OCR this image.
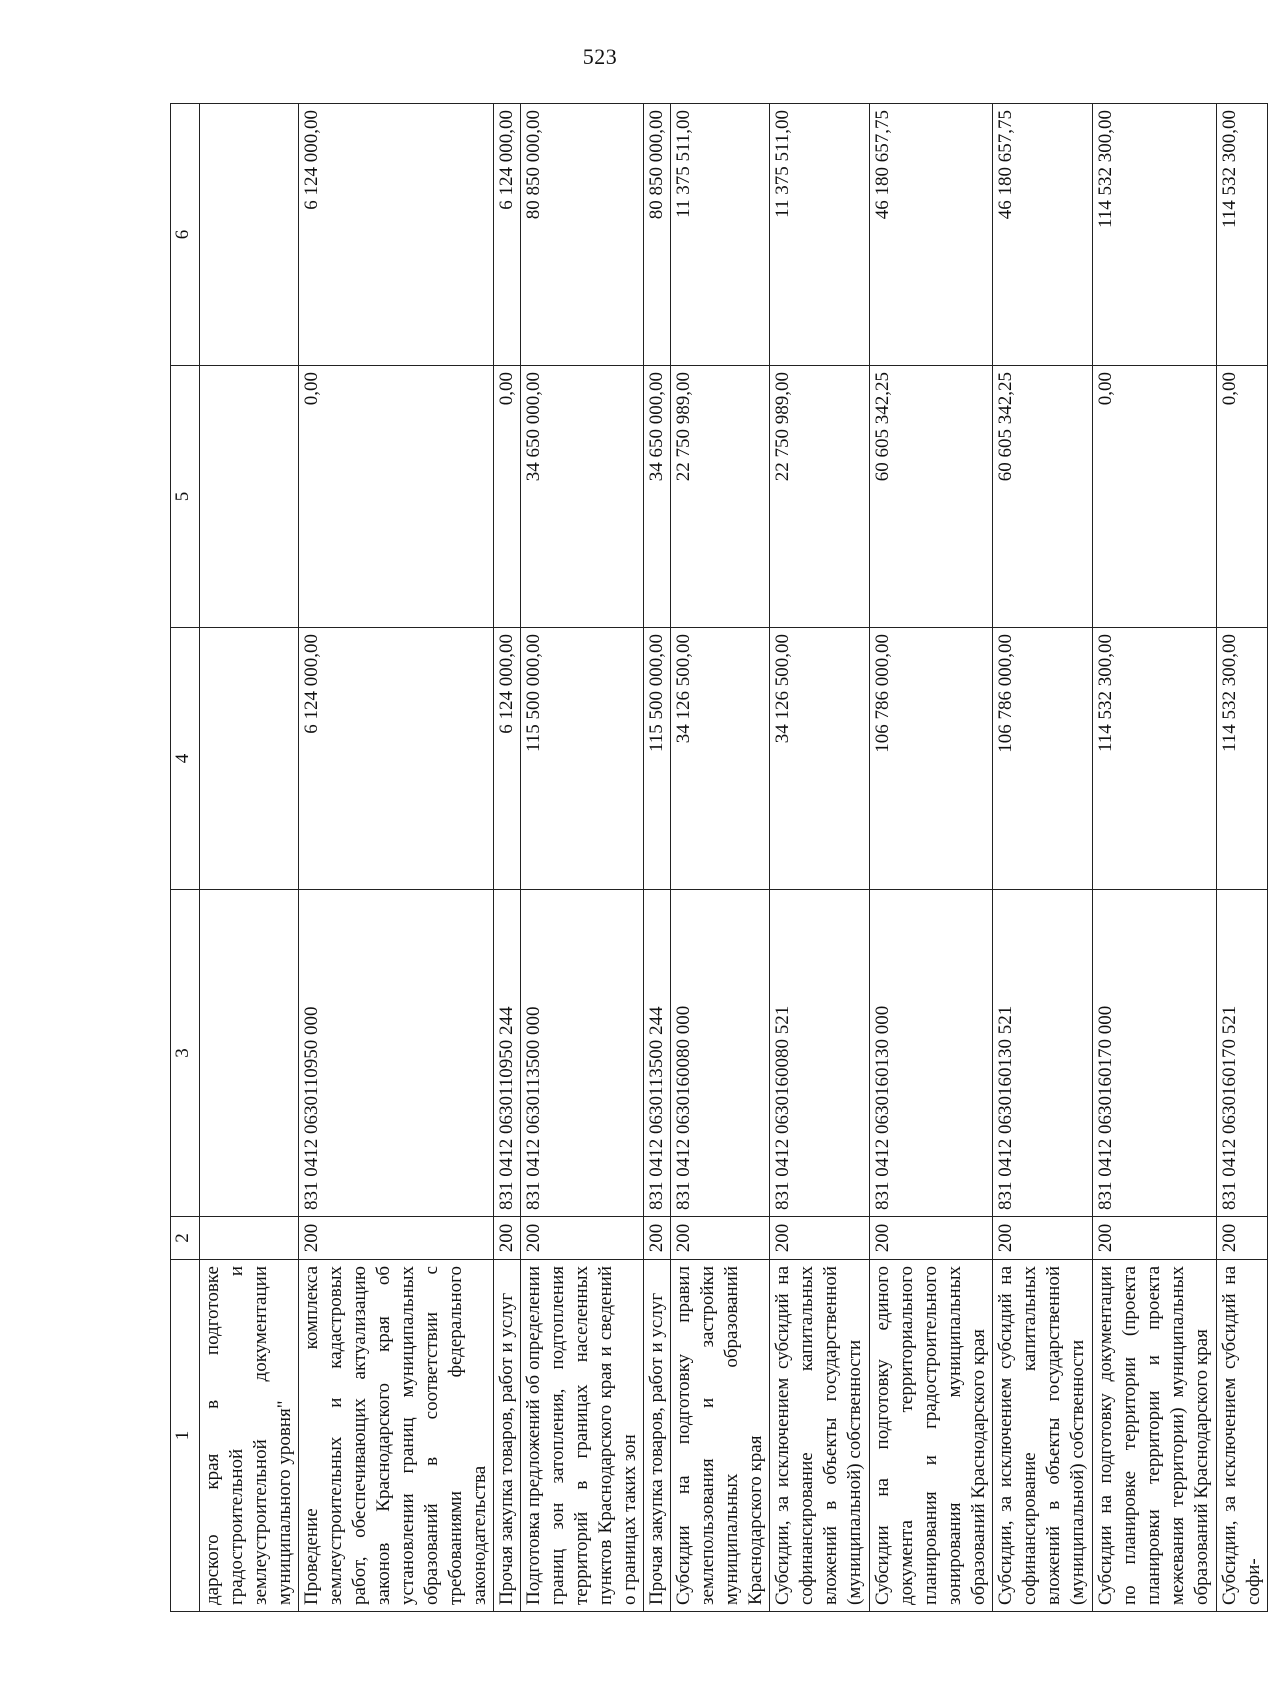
523
1	2	3	4	5	6
дарского края в подготовке градостроительной и землеустроительной документации муниципального уровня"					
Проведение комплекса землеустроительных и кадастровых работ, обеспечивающих актуализацию законов Краснодарского края об установлении границ муниципальных образований в соответствии с требованиями федерального законодательства	200	831 0412 0630110950 000	6 124 000,00	0,00	6 124 000,00
Прочая закупка товаров, работ и услуг	200	831 0412 0630110950 244	6 124 000,00	0,00	6 124 000,00
Подготовка предложений об определении границ зон затопления, подтопления территорий в границах населенных пунктов Краснодарского края и сведений о границах таких зон	200	831 0412 0630113500 000	115 500 000,00	34 650 000,00	80 850 000,00
Прочая закупка товаров, работ и услуг	200	831 0412 0630113500 244	115 500 000,00	34 650 000,00	80 850 000,00
Субсидии на подготовку правил землепользования и застройки муниципальных образований Краснодарского края	200	831 0412 0630160080 000	34 126 500,00	22 750 989,00	11 375 511,00
Субсидии, за исключением субсидий на софинансирование капитальных вложений в объекты государственной (муниципальной) собственности	200	831 0412 0630160080 521	34 126 500,00	22 750 989,00	11 375 511,00
Субсидии на подготовку единого документа территориального планирования и градостроительного зонирования муниципальных образований Краснодарского края	200	831 0412 0630160130 000	106 786 000,00	60 605 342,25	46 180 657,75
Субсидии, за исключением субсидий на софинансирование капитальных вложений в объекты государственной (муниципальной) собственности	200	831 0412 0630160130 521	106 786 000,00	60 605 342,25	46 180 657,75
Субсидии на подготовку документации по планировке территории (проекта планировки территории и проекта межевания территории) муниципальных образований Краснодарского края	200	831 0412 0630160170 000	114 532 300,00	0,00	114 532 300,00
Субсидии, за исключением субсидий на софи-	200	831 0412 0630160170 521	114 532 300,00	0,00	114 532 300,00
